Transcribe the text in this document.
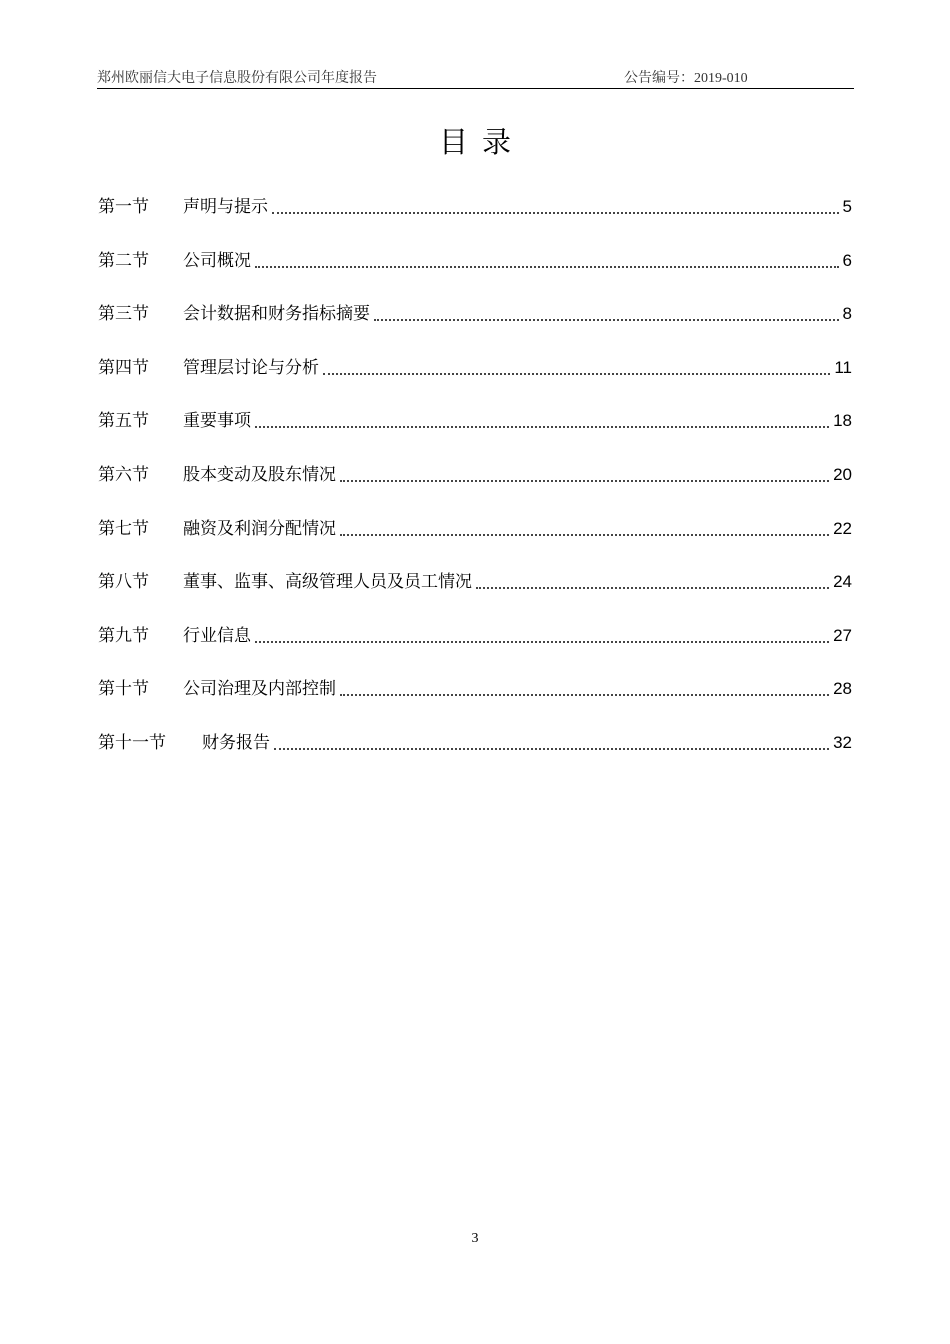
郑州欧丽信大电子信息股份有限公司年度报告	公告编号：2019-010
目录
第一节	声明与提示	5
第二节	公司概况	6
第三节	会计数据和财务指标摘要	8
第四节	管理层讨论与分析	11
第五节	重要事项	18
第六节	股本变动及股东情况	20
第七节	融资及利润分配情况	22
第八节	董事、监事、高级管理人员及员工情况	24
第九节	行业信息	27
第十节	公司治理及内部控制	28
第十一节	财务报告	32
3
